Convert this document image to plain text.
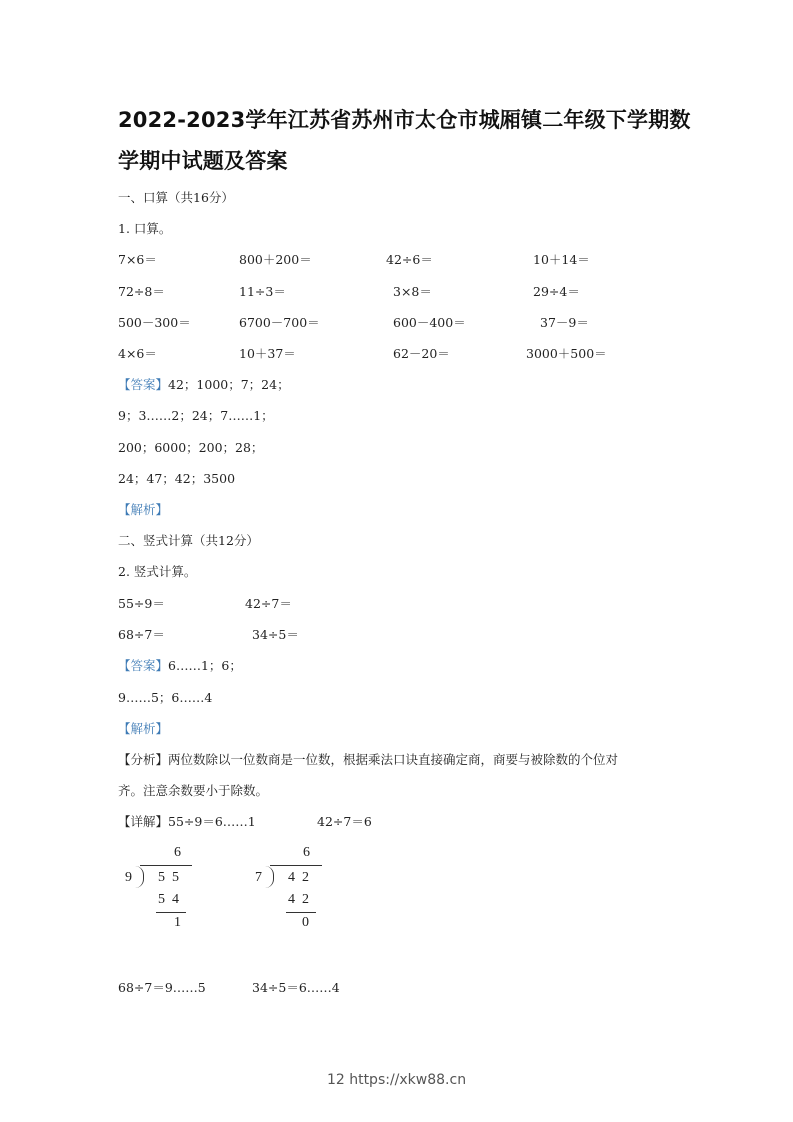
2022-2023学年江苏省苏州市太仓市城厢镇二年级下学期数
学期中试题及答案
一、口算（共16分）
1. 口算。
7×6＝	800＋200＝	42÷6＝	10＋14＝
72÷8＝	11÷3＝	3×8＝	29÷4＝
500－300＝	6700－700＝	600－400＝	37－9＝
4×6＝	10＋37＝	62－20＝	3000＋500＝
【答案】42；1000；7；24；
9；3……2；24；7……1；
200；6000；200；28；
24；47；42；3500
【解析】
二、竖式计算（共12分）
2. 竖式计算。
55÷9＝	42÷7＝
68÷7＝	34÷5＝
【答案】6……1；6；
9……5；6……4
【解析】
【分析】两位数除以一位数商是一位数，根据乘法口诀直接确定商，商要与被除数的个位对
齐。注意余数要小于除数。
【详解】55÷9＝6……1	42÷7＝6
6
9 5 5
5 4
1
6
7 4 2
4 2
0
68÷7＝9……5	34÷5＝6……4
12 https://xkw88.cn
